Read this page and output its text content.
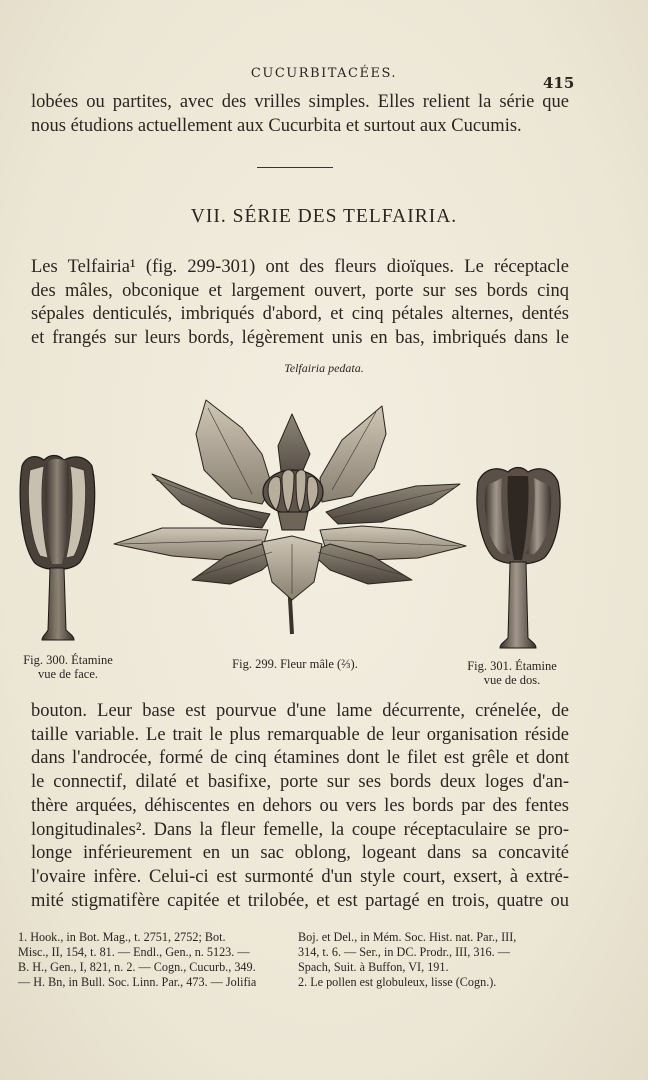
CUCURBITACÉES.
415
lobées ou partites, avec des vrilles simples. Elles relient la série que
nous étudions actuellement aux Cucurbita et surtout aux Cucumis.
VII. SÉRIE DES TELFAIRIA.
Les Telfairia¹ (fig. 299-301) ont des fleurs dioïques. Le réceptacle
des mâles, obconique et largement ouvert, porte sur ses bords cinq
sépales denticulés, imbriqués d'abord, et cinq pétales alternes, dentés
et frangés sur leurs bords, légèrement unis en bas, imbriqués dans le
Telfairia pedata.
Fig. 300. Étamine
vue de face.
Fig. 299. Fleur mâle (⅔).	Fig. 301. Étamine
vue de dos.
bouton. Leur base est pourvue d'une lame décurrente, crénelée, de
taille variable. Le trait le plus remarquable de leur organisation réside
dans l'androcée, formé de cinq étamines dont le filet est grêle et dont
le connectif, dilaté et basifixe, porte sur ses bords deux loges d'an-
thère arquées, déhiscentes en dehors ou vers les bords par des fentes
longitudinales². Dans la fleur femelle, la coupe réceptaculaire se pro-
longe inférieurement en un sac oblong, logeant dans sa concavité
l'ovaire infère. Celui-ci est surmonté d'un style court, exsert, à extré-
mité stigmatifère capitée et trilobée, et est partagé en trois, quatre ou
1. Hook., in Bot. Mag., t. 2751, 2752; Bot.
Misc., II, 154, t. 81. — Endl., Gen., n. 5123. —
B. H., Gen., I, 821, n. 2. — Cogn., Cucurb., 349.
— H. Bn, in Bull. Soc. Linn. Par., 473. — Jolifia
Boj. et Del., in Mém. Soc. Hist. nat. Par., III,
314, t. 6. — Ser., in DC. Prodr., III, 316. —
Spach, Suit. à Buffon, VI, 191.
2. Le pollen est globuleux, lisse (Cogn.).
